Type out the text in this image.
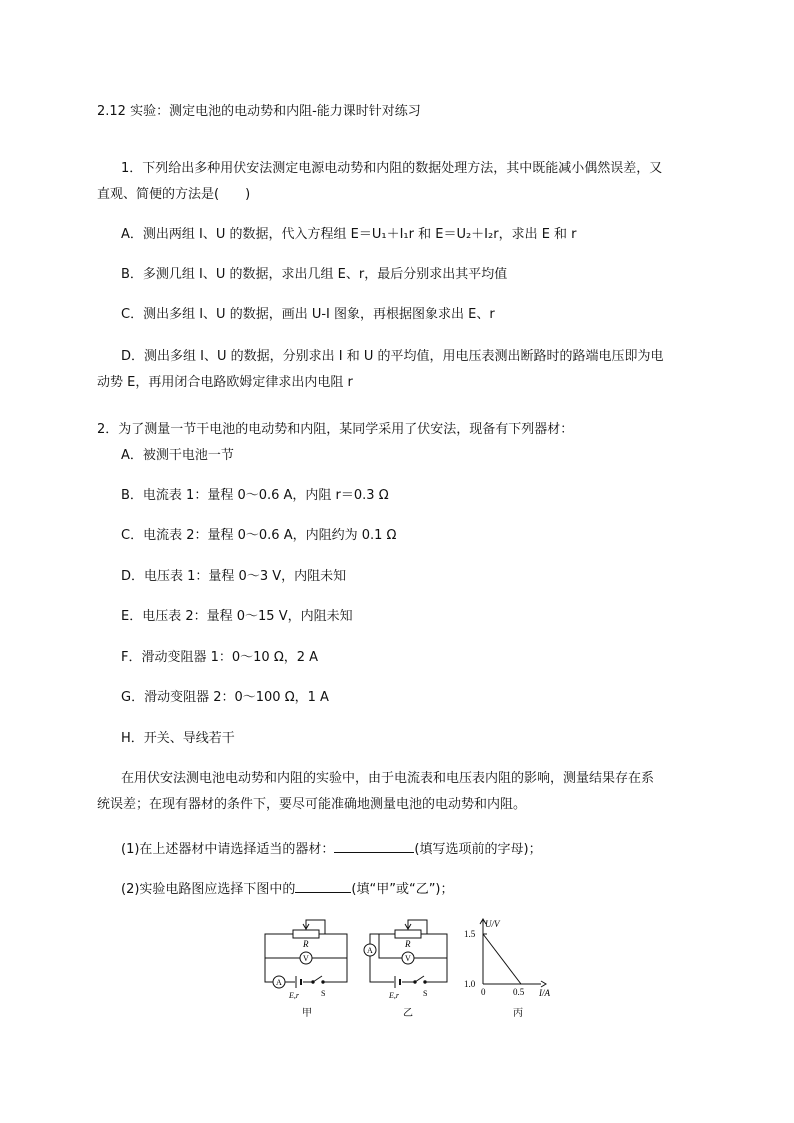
2.12 实验：测定电池的电动势和内阻-能力课时针对练习
1．下列给出多种用伏安法测定电源电动势和内阻的数据处理方法，其中既能减小偶然误差，又
直观、简便的方法是(　　)
A．测出两组 I、U 的数据，代入方程组 E＝U₁＋I₁r 和 E＝U₂＋I₂r，求出 E 和 r
B．多测几组 I、U 的数据，求出几组 E、r，最后分别求出其平均值
C．测出多组 I、U 的数据，画出 U-I 图象，再根据图象求出 E、r
D．测出多组 I、U 的数据，分别求出 I 和 U 的平均值，用电压表测出断路时的路端电压即为电
动势 E，再用闭合电路欧姆定律求出内电阻 r
2．为了测量一节干电池的电动势和内阻，某同学采用了伏安法，现备有下列器材：
A．被测干电池一节
B．电流表 1：量程 0～0.6 A，内阻 r＝0.3 Ω
C．电流表 2：量程 0～0.6 A，内阻约为 0.1 Ω
D．电压表 1：量程 0～3 V，内阻未知
E．电压表 2：量程 0～15 V，内阻未知
F．滑动变阻器 1：0～10 Ω，2 A
G．滑动变阻器 2：0～100 Ω，1 A
H．开关、导线若干
在用伏安法测电池电动势和内阻的实验中，由于电流表和电压表内阻的影响，测量结果存在系
统误差；在现有器材的条件下，要尽可能准确地测量电池的电动势和内阻。
(1)在上述器材中请选择适当的器材：	(填写选项前的字母)；
(2)实验电路图应选择下图中的	(填“甲”或“乙”)；
R
V
A
E,r	S
甲
R
V
A
E,r	S
乙
1.5
1.0
0	0.5
U/V
I/A
丙
